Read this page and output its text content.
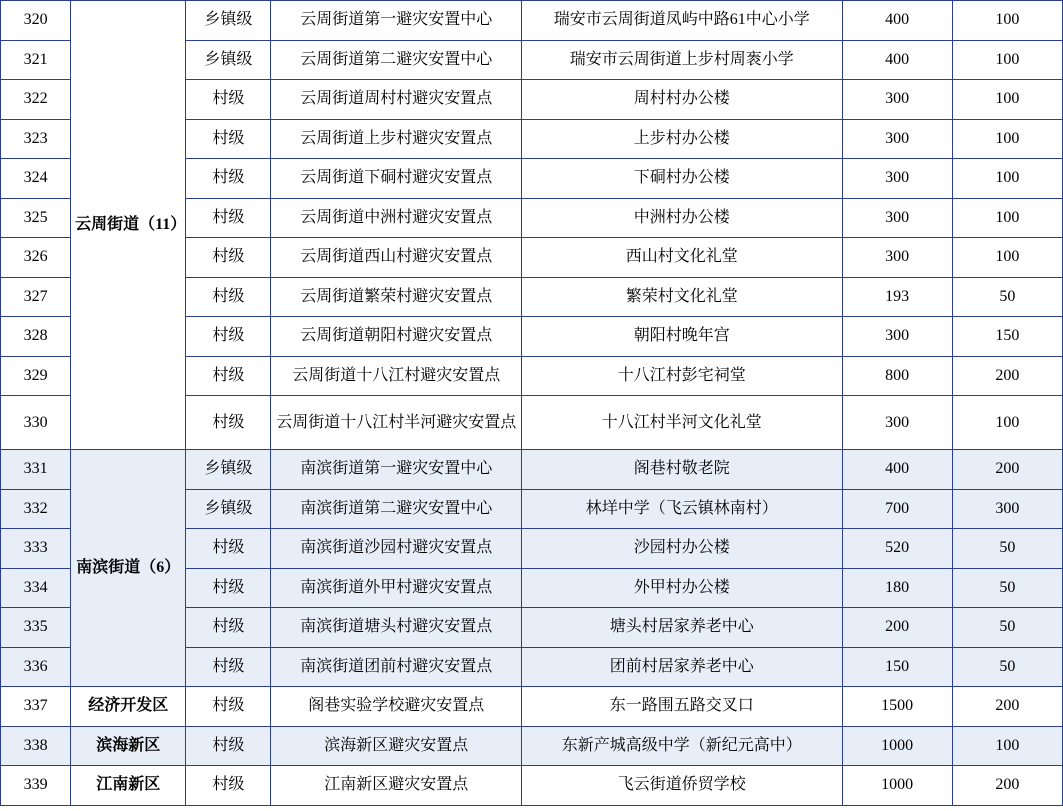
320	云周街道（11）	乡镇级	云周街道第一避灾安置中心	瑞安市云周街道凤屿中路61中心小学	400	100
321		乡镇级	云周街道第二避灾安置中心	瑞安市云周街道上步村周袠小学	400	100
322		村级	云周街道周村村避灾安置点	周村村办公楼	300	100
323		村级	云周街道上步村避灾安置点	上步村办公楼	300	100
324		村级	云周街道下硐村避灾安置点	下硐村办公楼	300	100
325		村级	云周街道中洲村避灾安置点	中洲村办公楼	300	100
326		村级	云周街道西山村避灾安置点	西山村文化礼堂	300	100
327		村级	云周街道繁荣村避灾安置点	繁荣村文化礼堂	193	50
328		村级	云周街道朝阳村避灾安置点	朝阳村晚年宫	300	150
329		村级	云周街道十八江村避灾安置点	十八江村彭宅祠堂	800	200
330		村级	云周街道十八江村半河避灾安置点	十八江村半河文化礼堂	300	100
331	南滨街道（6）	乡镇级	南滨街道第一避灾安置中心	阁巷村敬老院	400	200
332		乡镇级	南滨街道第二避灾安置中心	林垟中学（飞云镇林南村）	700	300
333		村级	南滨街道沙园村避灾安置点	沙园村办公楼	520	50
334		村级	南滨街道外甲村避灾安置点	外甲村办公楼	180	50
335		村级	南滨街道塘头村避灾安置点	塘头村居家养老中心	200	50
336		村级	南滨街道团前村避灾安置点	团前村居家养老中心	150	50
337	经济开发区	村级	阁巷实验学校避灾安置点	东一路围五路交叉口	1500	200
338	滨海新区	村级	滨海新区避灾安置点	东新产城高级中学（新纪元高中）	1000	100
339	江南新区	村级	江南新区避灾安置点	飞云街道侨贸学校	1000	200
